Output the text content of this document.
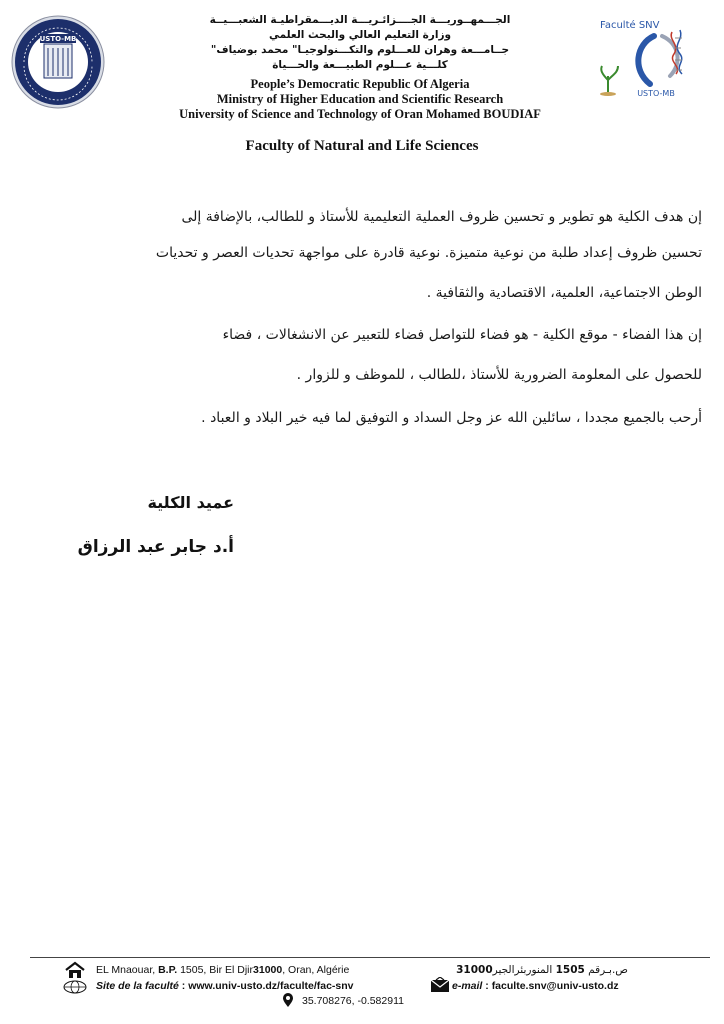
USTO-MB
Faculté SNV
USTO-MB
الجـــمهــوريـــة الجــــزائـريـــة الديـــمقراطيـة الشعبـــيــة
وزارة التعليم العالي والبحث العلمي
جــامـــعة وهران للعـــلوم والتكـــنولوجيـا" محمد بوضياف"
كلـــية عـــلوم الطبيـــعة والحـــياة
People’s Democratic Republic Of Algeria
Ministry of Higher Education and Scientific Research
University of Science and Technology of Oran Mohamed BOUDIAF
Faculty of Natural and Life Sciences
إن هدف الكلية هو تطوير و تحسين ظروف العملية التعليمية للأستاذ و للطالب، بالإضافة إلى
تحسين ظروف إعداد طلبة من نوعية متميزة. نوعية قادرة على مواجهة تحديات العصر و تحديات
الوطن الاجتماعية، العلمية، الاقتصادية والثقافية .
إن هذا الفضاء - موقع الكلية - هو فضاء للتواصل فضاء للتعبير عن الانشغالات ، فضاء
للحصول على المعلومة الضرورية للأستاذ ،للطالب ، للموظف و للزوار .
أرحب بالجميع مجددا ، سائلين الله عز وجل السداد و التوفيق لما فيه خير البلاد و العباد .
عميد الكلية
أ.د جابر عبد الرزاق
EL Mnaouar, B.P. 1505, Bir El Djir31000, Oran, Algérie	ص.بـرقم 1505 المنوربئرالجير31000
Site de la faculté : www.univ-usto.dz/faculte/fac-snv	e-mail : faculte.snv@univ-usto.dz
35.708276, -0.582911
